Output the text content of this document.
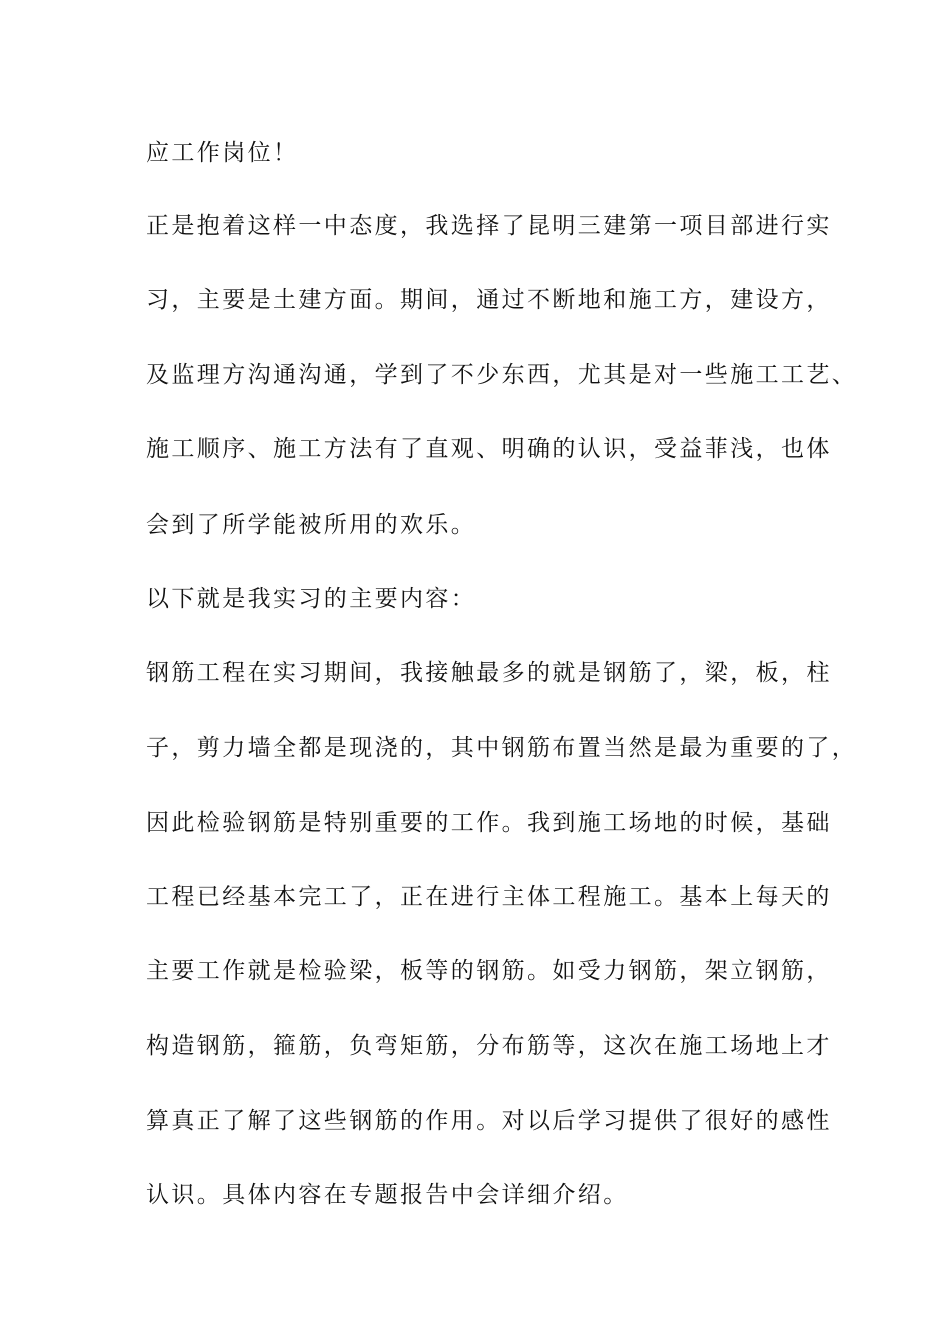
应工作岗位！
正是抱着这样一中态度，我选择了昆明三建第一项目部进行实
习，主要是土建方面。期间，通过不断地和施工方，建设方，
及监理方沟通沟通，学到了不少东西，尤其是对一些施工工艺、
施工顺序、施工方法有了直观、明确的认识，受益菲浅，也体
会到了所学能被所用的欢乐。
以下就是我实习的主要内容：
钢筋工程在实习期间，我接触最多的就是钢筋了，梁，板，柱
子，剪力墙全都是现浇的，其中钢筋布置当然是最为重要的了，
因此检验钢筋是特别重要的工作。我到施工场地的时候，基础
工程已经基本完工了，正在进行主体工程施工。基本上每天的
主要工作就是检验梁，板等的钢筋。如受力钢筋，架立钢筋，
构造钢筋，箍筋，负弯矩筋，分布筋等，这次在施工场地上才
算真正了解了这些钢筋的作用。对以后学习提供了很好的感性
认识。具体内容在专题报告中会详细介绍。
